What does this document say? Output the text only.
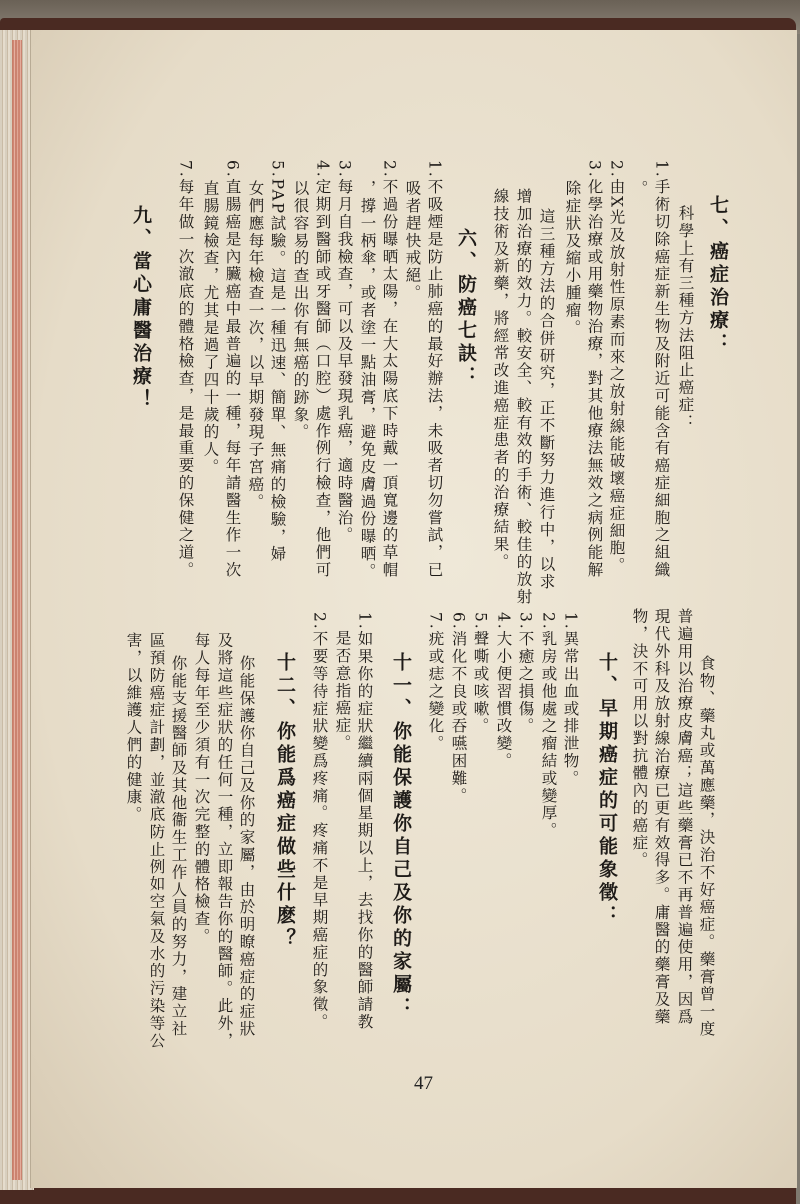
七、癌症治療：
科學上有三種方法阻止癌症：
1.手術切除癌症新生物及附近可能含有癌症細胞之組織
。
2.由X光及放射性原素而來之放射線能破壞癌症細胞。
3.化學治療或用藥物治療，對其他療法無效之病例能解
除症狀及縮小腫瘤。
這三種方法的合併研究，正不斷努力進行中，以求
增加治療的效力。較安全、較有效的手術、較佳的放射
線技術及新藥，將經常改進癌症患者的治療結果。
六、防癌七訣：
1.不吸煙是防止肺癌的最好辦法，未吸者切勿嘗試，已
吸者趕快戒絕。
2.不過份曝晒太陽，在大太陽底下時戴一頂寬邊的草帽
，撐一柄傘，或者塗一點油膏，避免皮膚過份曝晒。
3.每月自我檢查，可以及早發現乳癌，適時醫治。
4.定期到醫師或牙醫師（口腔）處作例行檢查，他們可
以很容易的查出你有無癌的跡象。
5.PAP試驗。這是一種迅速、簡單、無痛的檢驗，婦
女們應每年檢查一次，以早期發現子宮癌。
6.直腸癌是內臟癌中最普遍的一種，每年請醫生作一次
直腸鏡檢查，尤其是過了四十歲的人。
7.每年做一次澈底的體格檢查，是最重要的保健之道。
九、當心庸醫治療！
食物、藥丸或萬應藥，決治不好癌症。藥膏曾一度
普遍用以治療皮膚癌；這些藥膏已不再普遍使用，因爲
現代外科及放射線治療已更有效得多。庸醫的藥膏及藥
物，決不可用以對抗體內的癌症。
十、早期癌症的可能象徵：
1.異常出血或排泄物。
2.乳房或他處之瘤結或變厚。
3.不癒之損傷。
4.大小便習慣改變。
5.聲嘶或咳嗽。
6.消化不良或吞嚥困難。
7.疣或痣之變化。
十一、你能保護你自己及你的家屬：
1.如果你的症狀繼續兩個星期以上，去找你的醫師請教
是否意指癌症。
2.不要等待症狀變爲疼痛。疼痛不是早期癌症的象徵。
十二、你能爲癌症做些什麽？
你能保護你自己及你的家屬，由於明瞭癌症的症狀
及將這些症狀的任何一種，立即報告你的醫師。此外，
每人每年至少須有一次完整的體格檢查。
你能支援醫師及其他衞生工作人員的努力，建立社
區預防癌症計劃，並澈底防止例如空氣及水的污染等公
害，以維護人們的健康。
47
